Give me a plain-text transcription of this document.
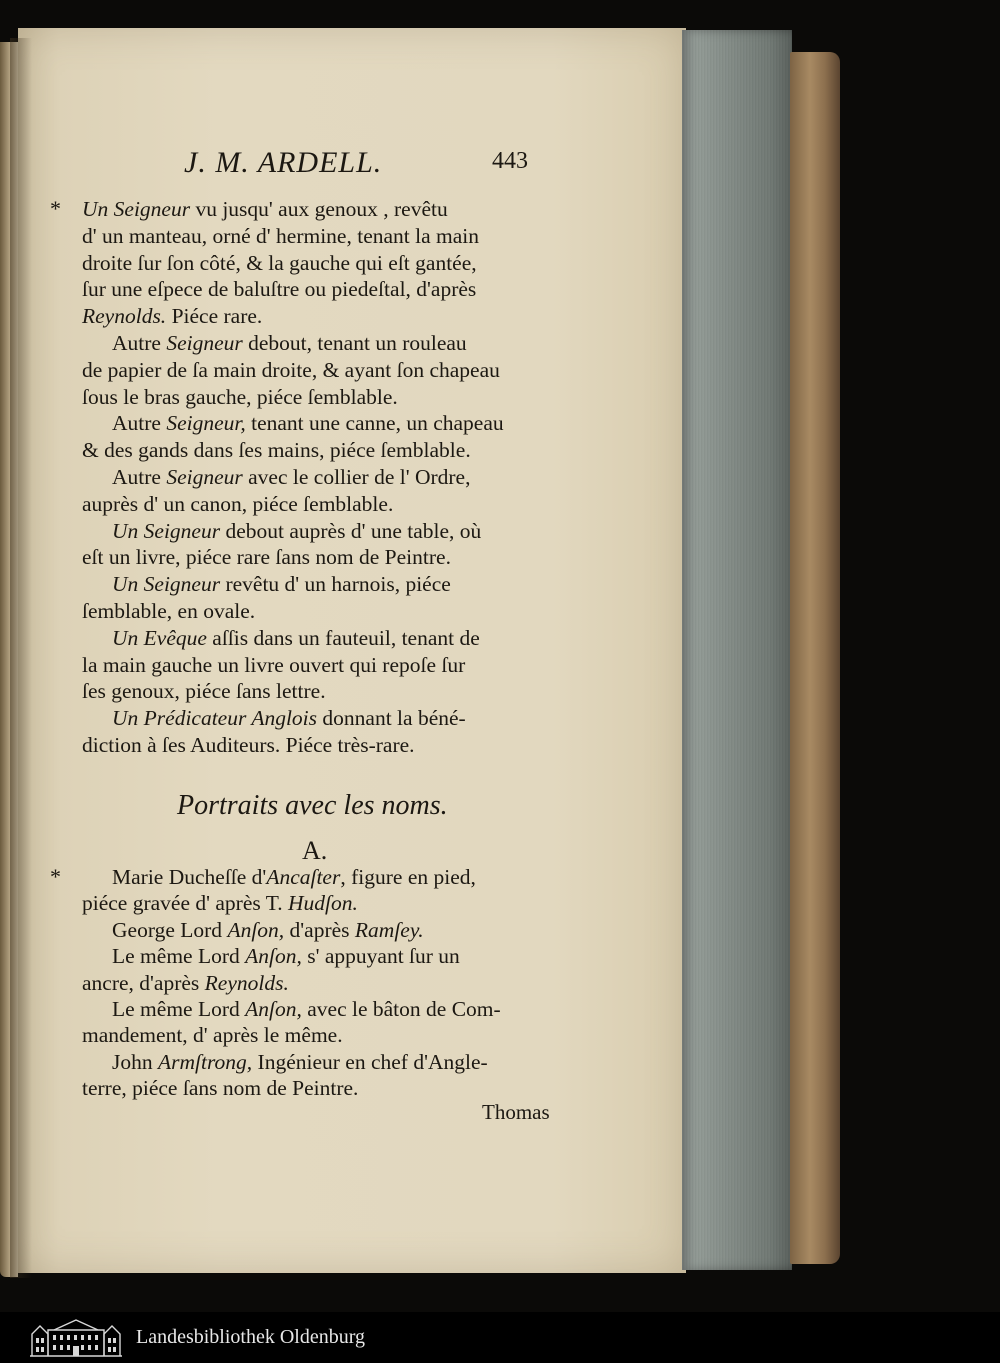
J. M. ARDELL.	443
* Un Seigneur vu jusqu' aux genoux , revêtu
d' un manteau, orné d' hermine, tenant la main
droite ſur ſon côté, & la gauche qui eſt gantée,
ſur une eſpece de baluſtre ou piedeſtal, d'après
Reynolds. Piéce rare.
Autre Seigneur debout, tenant un rouleau
de papier de ſa main droite, & ayant ſon chapeau
ſous le bras gauche, piéce ſemblable.
Autre Seigneur, tenant une canne, un chapeau
& des gands dans ſes mains, piéce ſemblable.
Autre Seigneur avec le collier de l' Ordre,
auprès d' un canon, piéce ſemblable.
Un Seigneur debout auprès d' une table, où
eſt un livre, piéce rare ſans nom de Peintre.
Un Seigneur revêtu d' un harnois, piéce
ſemblable, en ovale.
Un Evêque aſſis dans un fauteuil, tenant de
la main gauche un livre ouvert qui repoſe ſur
ſes genoux, piéce ſans lettre.
Un Prédicateur Anglois donnant la béné-
diction à ſes Auditeurs. Piéce très-rare.
Portraits avec les noms.
A.
* Marie Ducheſſe d'Ancaſter, figure en pied,
piéce gravée d' après T. Hudſon.
George Lord Anſon, d'après Ramſey.
Le même Lord Anſon, s' appuyant ſur un
ancre, d'après Reynolds.
Le même Lord Anſon, avec le bâton de Com-
mandement, d' après le même.
John Armſtrong, Ingénieur en chef d'Angle-
terre, piéce ſans nom de Peintre.
Thomas
Landesbibliothek Oldenburg
